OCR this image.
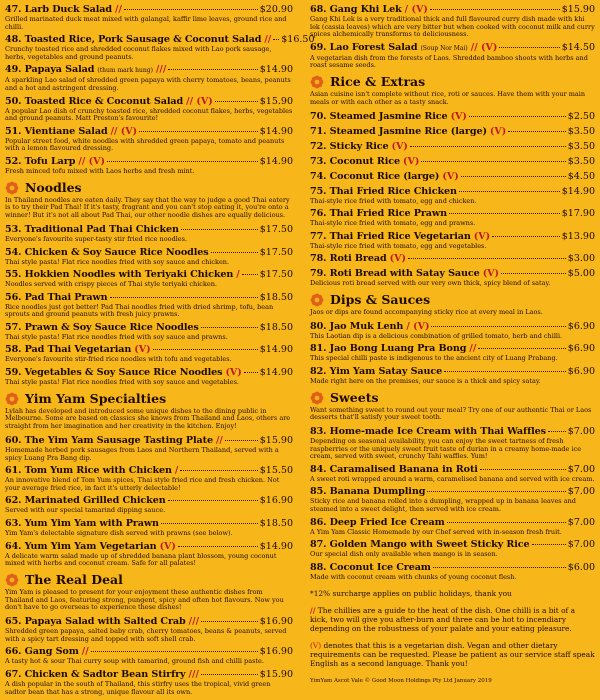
47. Larb Duck Salad //	$20.90
Grilled marinated duck meat mixed with galangal, kaffir lime leaves, ground rice and chilli.
48. Toasted Rice, Pork Sausage & Coconut Salad // $16.50
Crunchy toasted rice and shredded coconut flakes mixed with Lao pork sausage, herbs, vegetables and ground peanuts.
49. Papaya Salad (thum mark hung) ///	$14.90
A sparkling Lao salad of shredded green papaya with cherry tomatoes, beans, peanuts and a hot and astringent dressing.
50. Toasted Rice & Coconut Salad // (V)	$15.90
A popular Lao dish of crunchy toasted rice, shredded coconut flakes, herbs, vegetables and ground peanuts. Matt Preston's favourite!
51. Vientiane Salad // (V)	$14.90
Popular street food, white noodles with shredded green papaya, tomato and peanuts with a lemon flavoured dressing.
52. Tofu Larp // (V)	$14.90
Fresh minced tofu mixed with Laos herbs and fresh mint.
Noodles
In Thailand noodles are eaten daily. They say that the way to judge a good Thai eatery is to try their Pad Thai! If it's tasty, fragrant and you can't stop eating it, you're onto a winner! But it's not all about Pad Thai, our other noodle dishes are equally delicious.
53. Traditional Pad Thai Chicken	$17.50
Everyone's favourite super-tasty stir fried rice noodles.
54. Chicken & Soy Sauce Rice Noodles	$17.50
Thai style pasta! Flat rice noodles fried with soy sauce and chicken.
55. Hokkien Noodles with Teriyaki Chicken / $17.50
Noodles served with crispy pieces of Thai style teriyaki chicken.
56. Pad Thai Prawn	$18.50
Rice noodles just got better! Pad Thai noodles fried with dried shrimp, tofu, bean sprouts and ground peanuts with fresh juicy prawns.
57. Prawn & Soy Sauce Rice Noodles	$18.50
Thai style pasta! Flat rice noodles fried with soy sauce and prawns.
58. Pad Thai Vegetarian (V)	$14.90
Everyone's favourite stir-fried rice noodles with tofu and vegetables.
59. Vegetables & Soy Sauce Rice Noodles (V) $14.90
Thai style pasta! Flat rice noodles fried with soy sauce and vegetables.
Yim Yam Specialties
Lylah has developed and introduced some unique dishes to the dining public in Melbourne. Some are based on classics she knows from Thailand and Laos, others are straight from her imagination and her creativity in the kitchen. Enjoy!
60. The Yim Yam Sausage Tasting Plate //	$15.90
Homemade herbed pork sausages from Laos and Northern Thailand, served with a spicy Luang Pra Bang dip.
61. Tom Yum Rice with Chicken /	$15.50
An innovative blend of Tom Yum spices, Thai style fried rice and fresh chicken. Not your average fried rice, in fact it's utterly delectable!
62. Marinated Grilled Chicken	$16.90
Served with our special tamarind dipping sauce.
63. Yum Yim Yam with Prawn	$18.50
Yim Yam's delectable signature dish served with prawns (see below).
64. Yum Yim Yam Vegetarian (V)	$14.90
A delicate warm salad made up of shredded banana plant blossom, young coconut mixed with herbs and coconut cream. Safe for all palates!
The Real Deal
Yim Yam is pleased to present for your enjoyment these authentic dishes from Thailand and Laos, featuring strong, pungent, spicy and often hot flavours. Now you don't have to go overseas to experience these dishes!
65. Papaya Salad with Salted Crab ///	$16.90
Shredded green papaya, salted baby crab, cherry tomatoes, beans & peanuts, served with a spicy tart dressing and topped with soft shell crab.
66. Gang Som //	$16.90
A tasty hot & sour Thai curry soup with tamarind, ground fish and chilli paste.
67. Chicken & Sadtor Bean Stirfry ///	$15.90
A dish popular in the south of Thailand, this stirfry uses the tropical, vivid green sadtor bean that has a strong, unique flavour all its own.
68. Gang Khi Lek / (V)	$15.90
Gang Khi Lek is a very traditional thick and full flavoured curry dish made with khi lek (cassia leaves) which are very bitter but when cooked with coconut milk and curry spices alchemically transforms to deliciousness.
69. Lao Forest Salad (Soup Nor Mai) // (V)	$14.50
A vegetarian dish from the forests of Laos. Shredded bamboo shoots with herbs and roast sesame seeds.
Rice & Extras
Asian cuisine isn't complete without rice, roti or sauces. Have them with your main meals or with each other as a tasty snack.
70. Steamed Jasmine Rice (V)	$2.50
71. Steamed Jasmine Rice (large) (V)	$3.50
72. Sticky Rice (V)	$3.50
73. Coconut Rice (V)	$3.50
74. Coconut Rice (large) (V)	$4.50
75. Thai Fried Rice Chicken	$14.90
Thai-style rice fried with tomato, egg and chicken.
76. Thai Fried Rice Prawn	$17.90
Thai-style rice fried with tomato, egg and prawns.
77. Thai Fried Rice Vegetarian (V)	$13.90
Thai-style rice fried with tomato, egg and vegetables.
78. Roti Bread (V)	$3.00
79. Roti Bread with Satay Sauce (V)	$5.00
Delicious roti bread served with our very own thick, spicy blend of satay.
Dips & Sauces
Jaos or dips are found accompanying sticky rice at every meal in Laos.
80. Jao Muk Lenh / (V)	$6.90
This Laotian dip is a delicious combination of grilled tomato, herb and chilli.
81. Jao Bong Luang Pra Bong //	$6.90
This special chilli paste is indigenous to the ancient city of Luang Prabang.
82. Yim Yam Satay Sauce	$6.90
Made right here on the premises, our sauce is a thick and spicy satay.
Sweets
Want something sweet to round out your meal? Try one of our authentic Thai or Laos desserts that'll satisfy your sweet tooth.
83. Home-made Ice Cream with Thai Waffles $7.00
Depending on seasonal availability, you can enjoy the sweet tartness of fresh raspberries or the uniquely sweet fruit taste of durian in a creamy home-made ice cream, served with sweet, crunchy Tahi waffles. Yum!
84. Caramalised Banana in Roti	$7.00
A sweet roti wrapped around a warm, caramelised banana and served with ice cream.
85. Banana Dumpling	$7.00
Sticky rice and banana rolled into a dumpling, wrapped up in banana leaves and steamed into a sweet delight, then served with ice cream.
86. Deep Fried Ice Cream	$7.00
A Yim Yam Classic Homemade by our Chef served with in-season fresh fruit.
87. Golden Mango with Sweet Sticky Rice	$7.00
Our special dish only available when mango is in season.
88. Coconut Ice Cream	$6.00
Made with coconut cream with chunks of young coconut flesh.
*12% surcharge applies on public holidays, thank you
// The chillies are a guide to the heat of the dish. One chilli is a bit of a kick, two will give you after-burn and three can be hot to incendiary depending on the robustness of your palate and your eating pleasure.
(V) denotes that this is a vegetarian dish. Vegan and other dietary requirements can be requested. Please be patient as our service staff speak English as a second language. Thank you!
YimYam Ascot Vale © Good Moon Holdings Pty Ltd January 2019
